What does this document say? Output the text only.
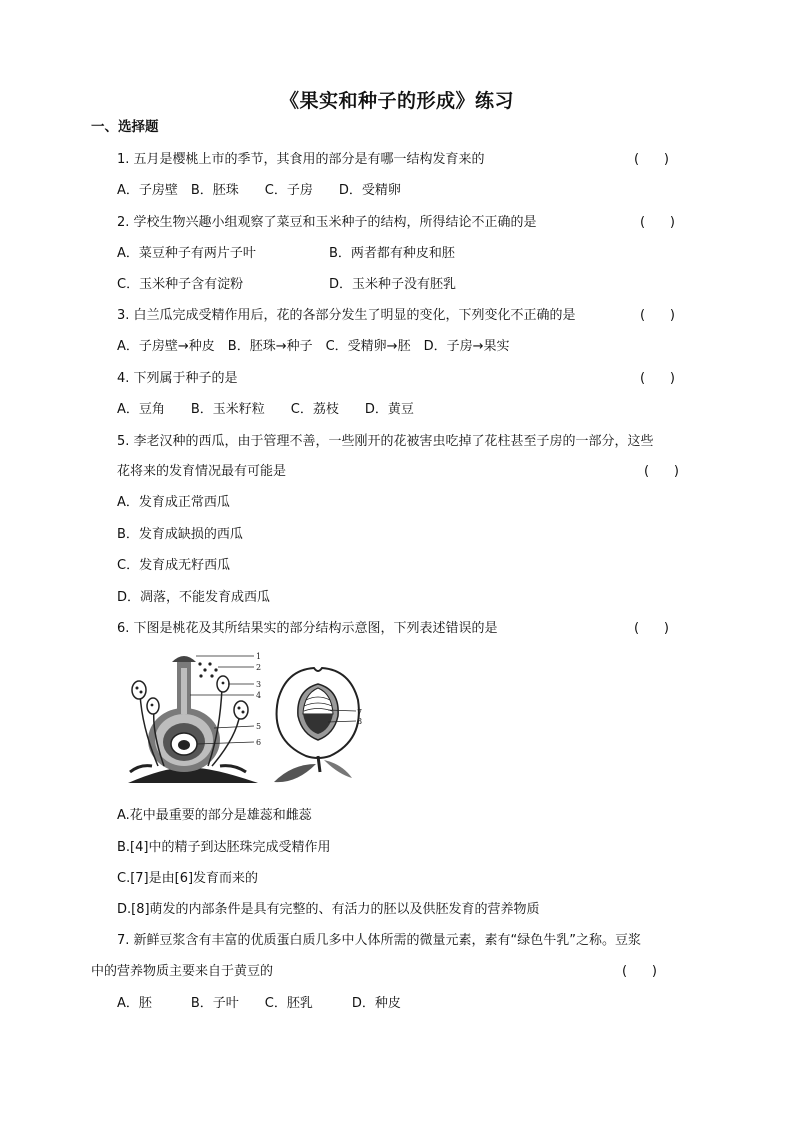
《果实和种子的形成》练习
一、选择题
1. 五月是樱桃上市的季节，其食用的部分是有哪一结构发育来的	(      )
A．子房壁　B．胚珠　　C．子房　　D．受精卵
2. 学校生物兴趣小组观察了菜豆和玉米种子的结构，所得结论不正确的是	(      )
A．菜豆种子有两片子叶	B．两者都有种皮和胚
C．玉米种子含有淀粉	D．玉米种子没有胚乳
3. 白兰瓜完成受精作用后，花的各部分发生了明显的变化，下列变化不正确的是	(      )
A．子房壁→种皮　B．胚珠→种子　C．受精卵→胚　D．子房→果实
4. 下列属于种子的是	(      )
A．豆角　　B．玉米籽粒　　C．荔枝　　D．黄豆
5. 李老汉种的西瓜，由于管理不善，一些刚开的花被害虫吃掉了花柱甚至子房的一部分，这些
花将来的发育情况最有可能是	(      )
A．发育成正常西瓜
B．发育成缺损的西瓜
C．发育成无籽西瓜
D．凋落，不能发育成西瓜
6. 下图是桃花及其所结果实的部分结构示意图，下列表述错误的是	(      )
1
2
3
4
5
6
7
8
A.花中最重要的部分是雄蕊和雌蕊
B.[4]中的精子到达胚珠完成受精作用
C.[7]是由[6]发育而来的
D.[8]萌发的内部条件是具有完整的、有活力的胚以及供胚发育的营养物质
7. 新鲜豆浆含有丰富的优质蛋白质几多中人体所需的微量元素，素有“绿色牛乳”之称。豆浆
中的营养物质主要来自于黄豆的	(      )
A．胚　　　B．子叶　　C．胚乳　　　D．种皮
